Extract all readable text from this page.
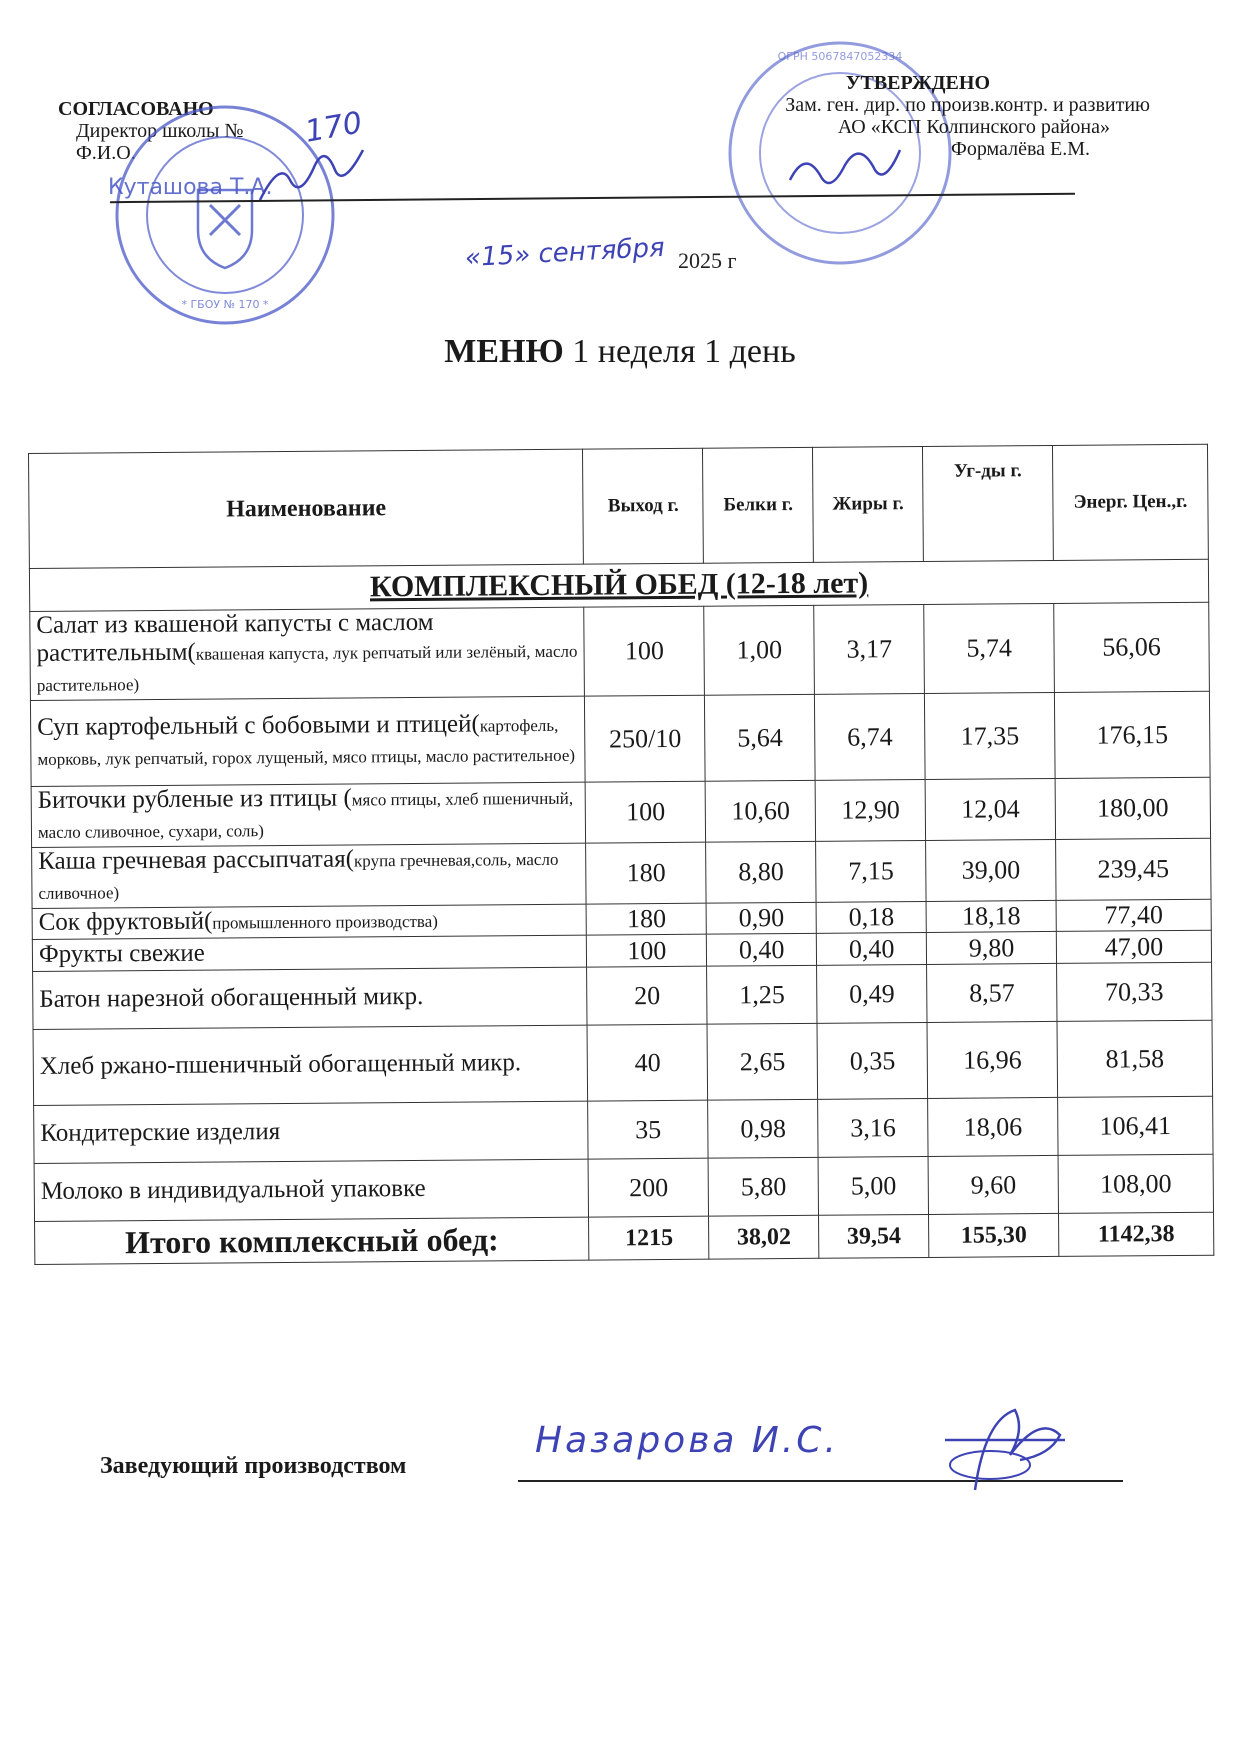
СОГЛАСОВАНО
Директор школы №
Ф.И.О.
170
* ГБОУ № 170 *
Куташова Т.А.
ОГРН 5067847052334
УТВЕРЖДЕНО
Зам. ген. дир. по произв.контр. и развитию
АО «КСП Колпинского района»
Формалёва Е.М.
«15» сентября 2025 г
МЕНЮ 1 неделя 1 день
Наименование	Выход г.	Белки г.	Жиры г.	Уг-ды г.	Энерг. Цен.,г.
КОМПЛЕКСНЫЙ ОБЕД (12-18 лет)					
Салат из квашеной капусты с маслом растительным(квашеная капуста, лук репчатый или зелёный, масло растительное)	100	1,00	3,17	5,74	56,06
Суп картофельный с бобовыми и птицей(картофель, морковь, лук репчатый, горох лущеный, мясо птицы, масло растительное)	250/10	5,64	6,74	17,35	176,15
Биточки рубленые из птицы (мясо птицы, хлеб пшеничный, масло сливочное, сухари, соль)	100	10,60	12,90	12,04	180,00
Каша гречневая рассыпчатая(крупа гречневая,соль, масло сливочное)	180	8,80	7,15	39,00	239,45
Сок фруктовый(промышленного производства)	180	0,90	0,18	18,18	77,40
Фрукты свежие	100	0,40	0,40	9,80	47,00
Батон нарезной обогащенный микр.	20	1,25	0,49	8,57	70,33
Хлеб ржано-пшеничный обогащенный микр.	40	2,65	0,35	16,96	81,58
Кондитерские изделия	35	0,98	3,16	18,06	106,41
Молоко в индивидуальной упаковке	200	5,80	5,00	9,60	108,00
Итого комплексный обед:	1215	38,02	39,54	155,30	1142,38
Заведующий производством
Назарова И.С.
